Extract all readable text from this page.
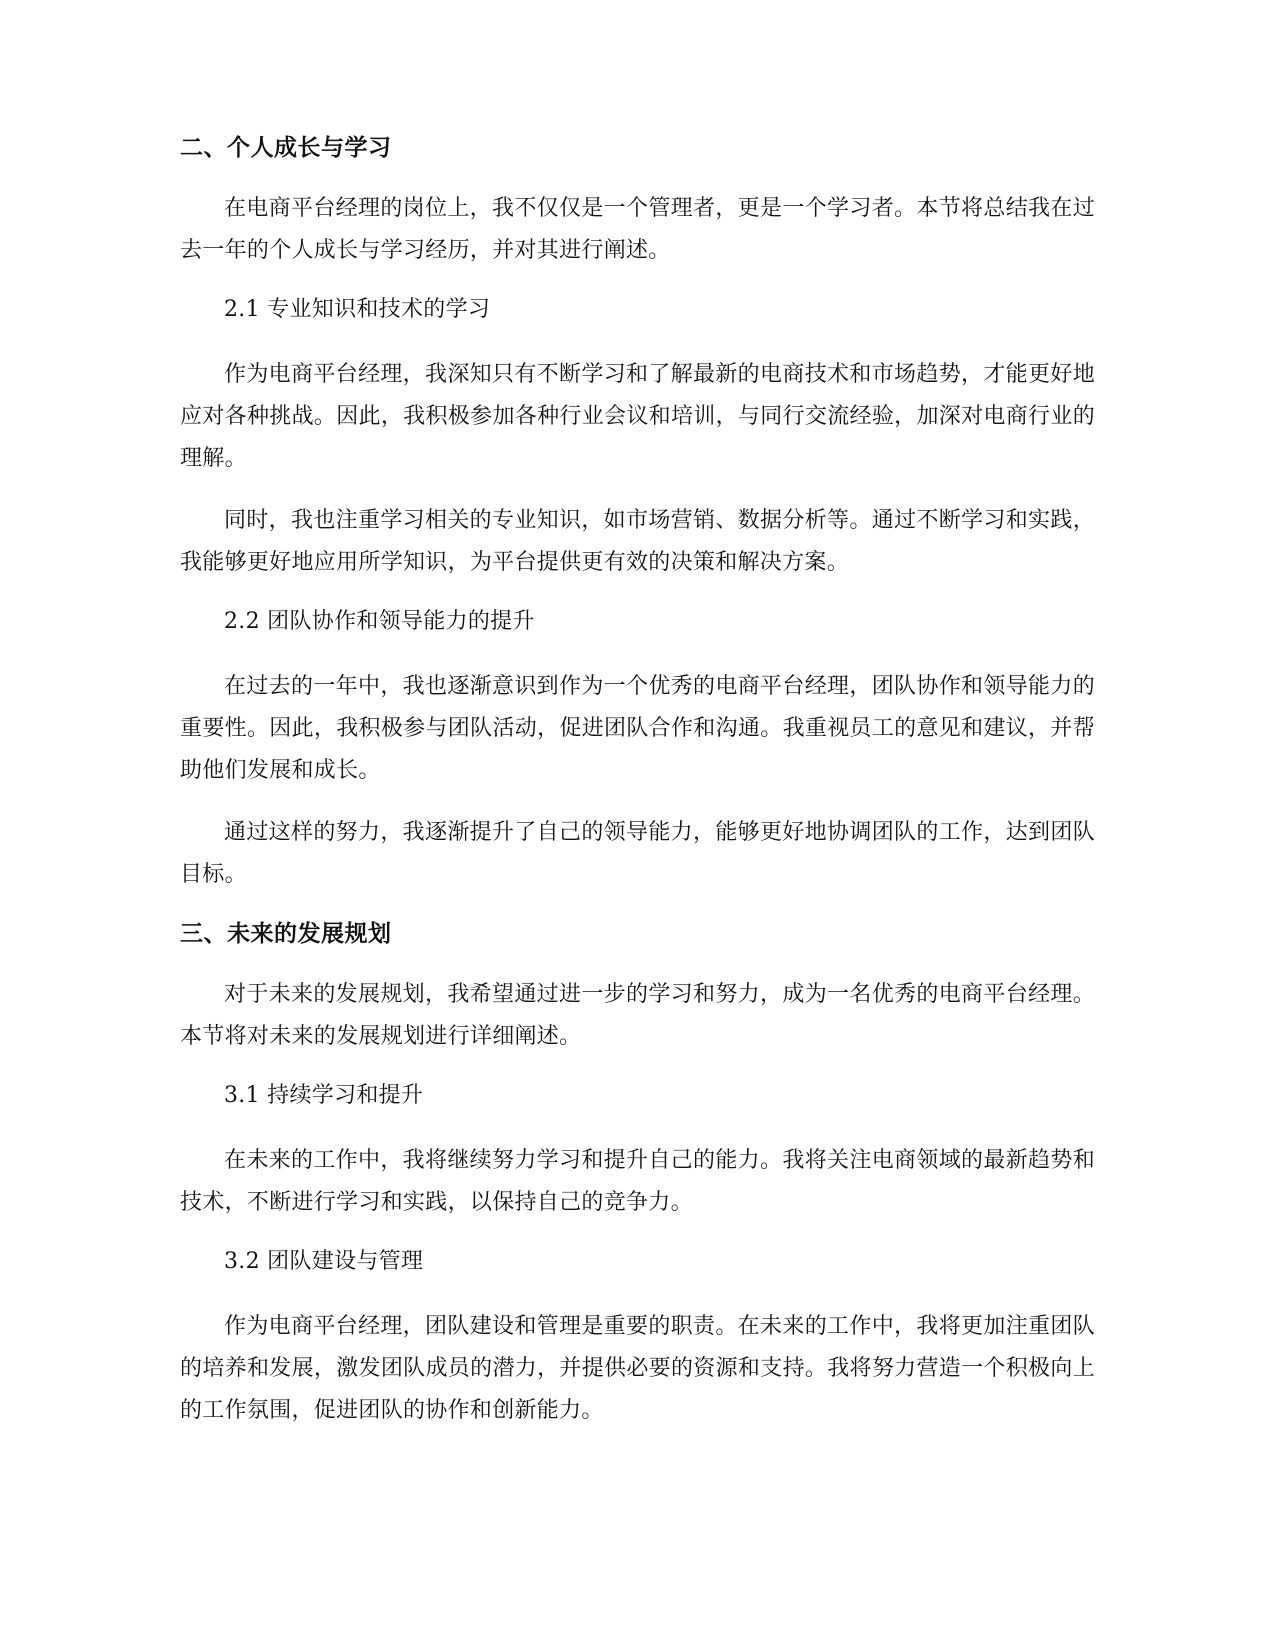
二、个人成长与学习

在电商平台经理的岗位上，我不仅仅是一个管理者，更是一个学习者。本节将总结我在过去一年的个人成长与学习经历，并对其进行阐述。

2.1 专业知识和技术的学习

作为电商平台经理，我深知只有不断学习和了解最新的电商技术和市场趋势，才能更好地应对各种挑战。因此，我积极参加各种行业会议和培训，与同行交流经验，加深对电商行业的理解。

同时，我也注重学习相关的专业知识，如市场营销、数据分析等。通过不断学习和实践，我能够更好地应用所学知识，为平台提供更有效的决策和解决方案。

2.2 团队协作和领导能力的提升

在过去的一年中，我也逐渐意识到作为一个优秀的电商平台经理，团队协作和领导能力的重要性。因此，我积极参与团队活动，促进团队合作和沟通。我重视员工的意见和建议，并帮助他们发展和成长。

通过这样的努力，我逐渐提升了自己的领导能力，能够更好地协调团队的工作，达到团队目标。

三、未来的发展规划

对于未来的发展规划，我希望通过进一步的学习和努力，成为一名优秀的电商平台经理。本节将对未来的发展规划进行详细阐述。

3.1 持续学习和提升

在未来的工作中，我将继续努力学习和提升自己的能力。我将关注电商领域的最新趋势和技术，不断进行学习和实践，以保持自己的竞争力。

3.2 团队建设与管理

作为电商平台经理，团队建设和管理是重要的职责。在未来的工作中，我将更加注重团队的培养和发展，激发团队成员的潜力，并提供必要的资源和支持。我将努力营造一个积极向上的工作氛围，促进团队的协作和创新能力。
